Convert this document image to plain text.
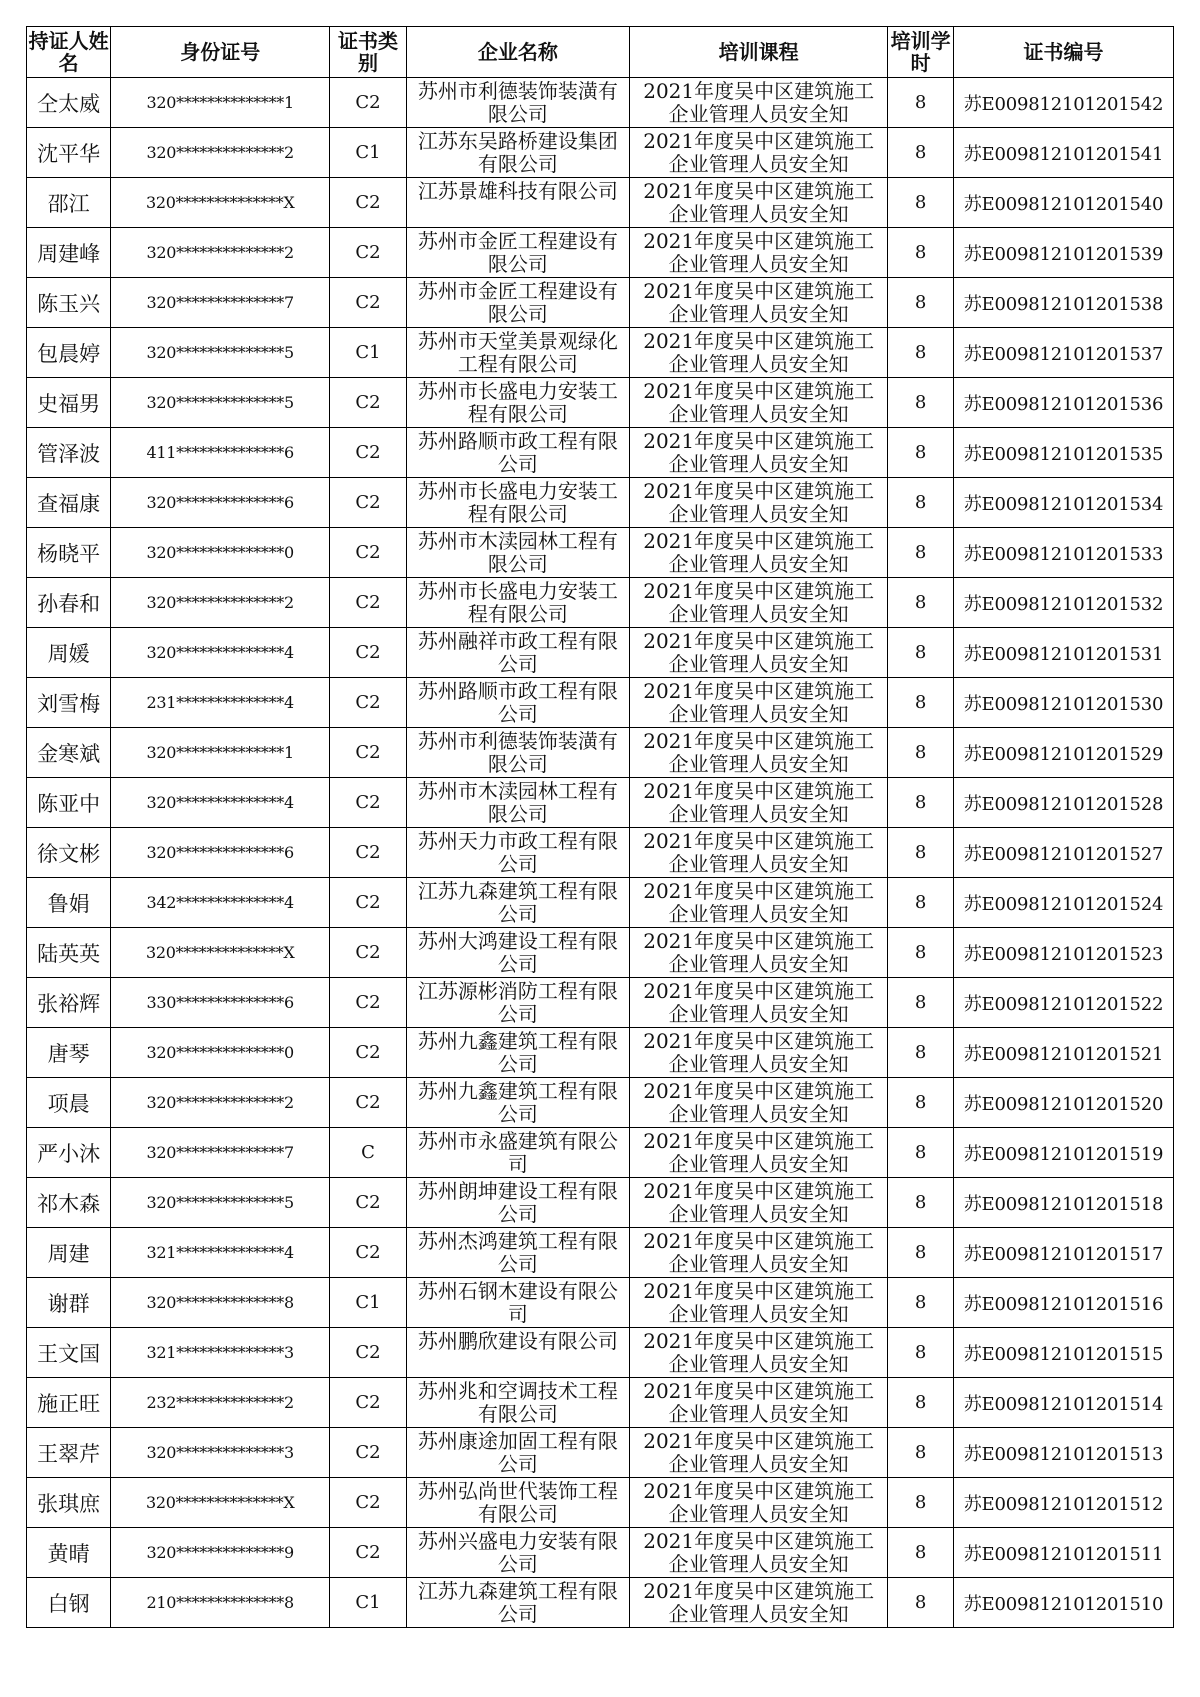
持证人姓名	身份证号	证书类别	企业名称	培训课程	培训学时	证书编号
仝太威	320**************1	C2	苏州市利德装饰装潢有限公司	2021年度吴中区建筑施工企业管理人员安全知	8	苏E009812101201542
沈平华	320**************2	C1	江苏东吴路桥建设集团有限公司	2021年度吴中区建筑施工企业管理人员安全知	8	苏E009812101201541
邵江	320**************X	C2	江苏景雄科技有限公司	2021年度吴中区建筑施工企业管理人员安全知	8	苏E009812101201540
周建峰	320**************2	C2	苏州市金匠工程建设有限公司	2021年度吴中区建筑施工企业管理人员安全知	8	苏E009812101201539
陈玉兴	320**************7	C2	苏州市金匠工程建设有限公司	2021年度吴中区建筑施工企业管理人员安全知	8	苏E009812101201538
包晨婷	320**************5	C1	苏州市天堂美景观绿化工程有限公司	2021年度吴中区建筑施工企业管理人员安全知	8	苏E009812101201537
史福男	320**************5	C2	苏州市长盛电力安装工程有限公司	2021年度吴中区建筑施工企业管理人员安全知	8	苏E009812101201536
管泽波	411**************6	C2	苏州路顺市政工程有限公司	2021年度吴中区建筑施工企业管理人员安全知	8	苏E009812101201535
查福康	320**************6	C2	苏州市长盛电力安装工程有限公司	2021年度吴中区建筑施工企业管理人员安全知	8	苏E009812101201534
杨晓平	320**************0	C2	苏州市木渎园林工程有限公司	2021年度吴中区建筑施工企业管理人员安全知	8	苏E009812101201533
孙春和	320**************2	C2	苏州市长盛电力安装工程有限公司	2021年度吴中区建筑施工企业管理人员安全知	8	苏E009812101201532
周媛	320**************4	C2	苏州融祥市政工程有限公司	2021年度吴中区建筑施工企业管理人员安全知	8	苏E009812101201531
刘雪梅	231**************4	C2	苏州路顺市政工程有限公司	2021年度吴中区建筑施工企业管理人员安全知	8	苏E009812101201530
金寒斌	320**************1	C2	苏州市利德装饰装潢有限公司	2021年度吴中区建筑施工企业管理人员安全知	8	苏E009812101201529
陈亚中	320**************4	C2	苏州市木渎园林工程有限公司	2021年度吴中区建筑施工企业管理人员安全知	8	苏E009812101201528
徐文彬	320**************6	C2	苏州天力市政工程有限公司	2021年度吴中区建筑施工企业管理人员安全知	8	苏E009812101201527
鲁娟	342**************4	C2	江苏九森建筑工程有限公司	2021年度吴中区建筑施工企业管理人员安全知	8	苏E009812101201524
陆英英	320**************X	C2	苏州大鸿建设工程有限公司	2021年度吴中区建筑施工企业管理人员安全知	8	苏E009812101201523
张裕辉	330**************6	C2	江苏源彬消防工程有限公司	2021年度吴中区建筑施工企业管理人员安全知	8	苏E009812101201522
唐琴	320**************0	C2	苏州九鑫建筑工程有限公司	2021年度吴中区建筑施工企业管理人员安全知	8	苏E009812101201521
项晨	320**************2	C2	苏州九鑫建筑工程有限公司	2021年度吴中区建筑施工企业管理人员安全知	8	苏E009812101201520
严小沐	320**************7	C	苏州市永盛建筑有限公司	2021年度吴中区建筑施工企业管理人员安全知	8	苏E009812101201519
祁木森	320**************5	C2	苏州朗坤建设工程有限公司	2021年度吴中区建筑施工企业管理人员安全知	8	苏E009812101201518
周建	321**************4	C2	苏州杰鸿建筑工程有限公司	2021年度吴中区建筑施工企业管理人员安全知	8	苏E009812101201517
谢群	320**************8	C1	苏州石钢木建设有限公司	2021年度吴中区建筑施工企业管理人员安全知	8	苏E009812101201516
王文国	321**************3	C2	苏州鹏欣建设有限公司	2021年度吴中区建筑施工企业管理人员安全知	8	苏E009812101201515
施正旺	232**************2	C2	苏州兆和空调技术工程有限公司	2021年度吴中区建筑施工企业管理人员安全知	8	苏E009812101201514
王翠芹	320**************3	C2	苏州康途加固工程有限公司	2021年度吴中区建筑施工企业管理人员安全知	8	苏E009812101201513
张琪庶	320**************X	C2	苏州弘尚世代装饰工程有限公司	2021年度吴中区建筑施工企业管理人员安全知	8	苏E009812101201512
黄晴	320**************9	C2	苏州兴盛电力安装有限公司	2021年度吴中区建筑施工企业管理人员安全知	8	苏E009812101201511
白钢	210**************8	C1	江苏九森建筑工程有限公司	2021年度吴中区建筑施工企业管理人员安全知	8	苏E009812101201510
